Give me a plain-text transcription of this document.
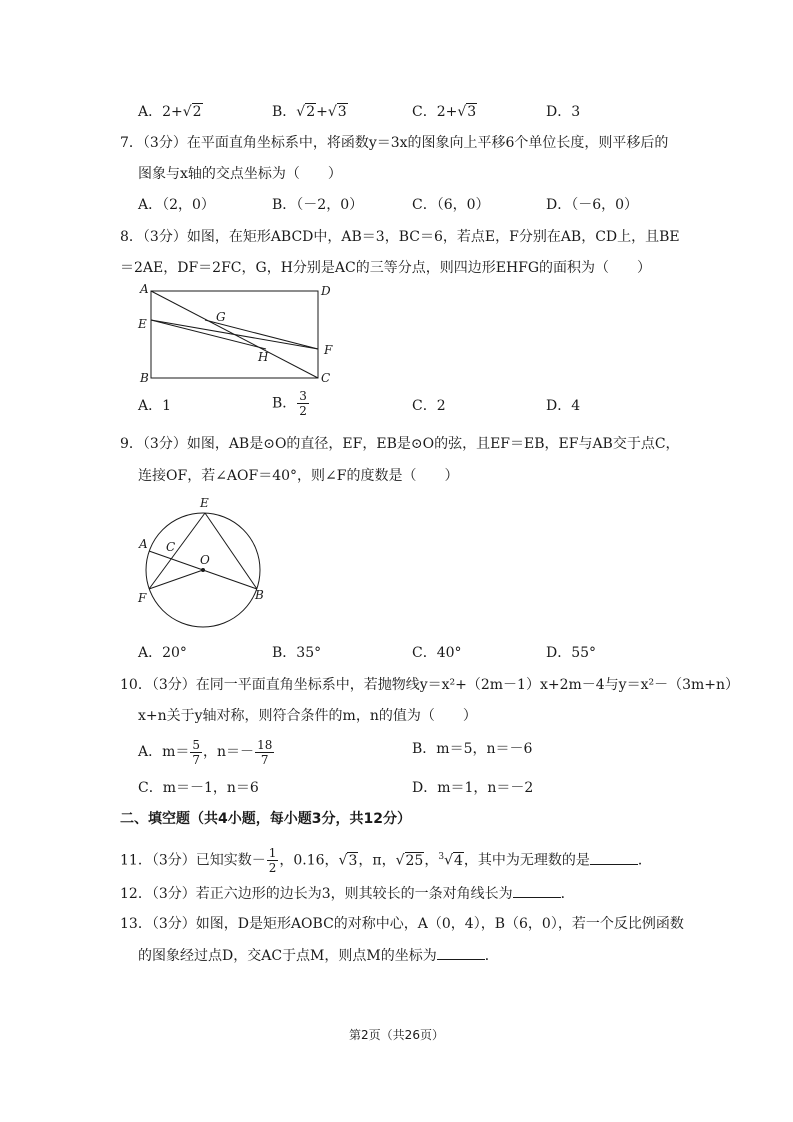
A．2+√2	B．√2+√3	C．2+√3	D．3
7．（3分）在平面直角坐标系中，将函数y＝3x的图象向上平移6个单位长度，则平移后的
图象与x轴的交点坐标为（　　）
A．（2，0）	B．（－2，0）	C．（6，0）	D．（－6，0）
8．（3分）如图，在矩形ABCD中，AB＝3，BC＝6，若点E，F分别在AB，CD上，且BE
＝2AE，DF＝2FC，G，H分别是AC的三等分点，则四边形EHFG的面积为（　　）
A	D
E	G
H	F
B	C
A．1	B． $\frac{3}{2}$	C．2	D．4
9．（3分）如图，AB是⊙O的直径，EF，EB是⊙O的弦，且EF＝EB，EF与AB交于点C，
连接OF，若∠AOF＝40°，则∠F的度数是（　　）
E
A C
O
F	B
A．20°	B．35°	C．40°	D．55°
10．（3分）在同一平面直角坐标系中，若抛物线y＝x²+（2m－1）x+2m－4与y＝x²－（3m+n）
x+n关于y轴对称，则符合条件的m，n的值为（　　）
A．$m= \frac{5}{7}$ ，$n=- \frac{18}{7}$	B．m＝5，n＝－6
C．m＝－1，n＝6	D．m＝1，n＝－2
二、填空题（共4小题，每小题3分，共12分）
11．（3分）已知实数－ $\frac{1}{2}$ ，0.16，√3，π，√25，$^3$√4，其中为无理数的是	．
12．（3分）若正六边形的边长为3，则其较长的一条对角线长为	．
13．（3分）如图，D是矩形AOBC的对称中心，A（0，4），B（6，0），若一个反比例函数
的图象经过点D，交AC于点M，则点M的坐标为	．
第2页（共26页）
